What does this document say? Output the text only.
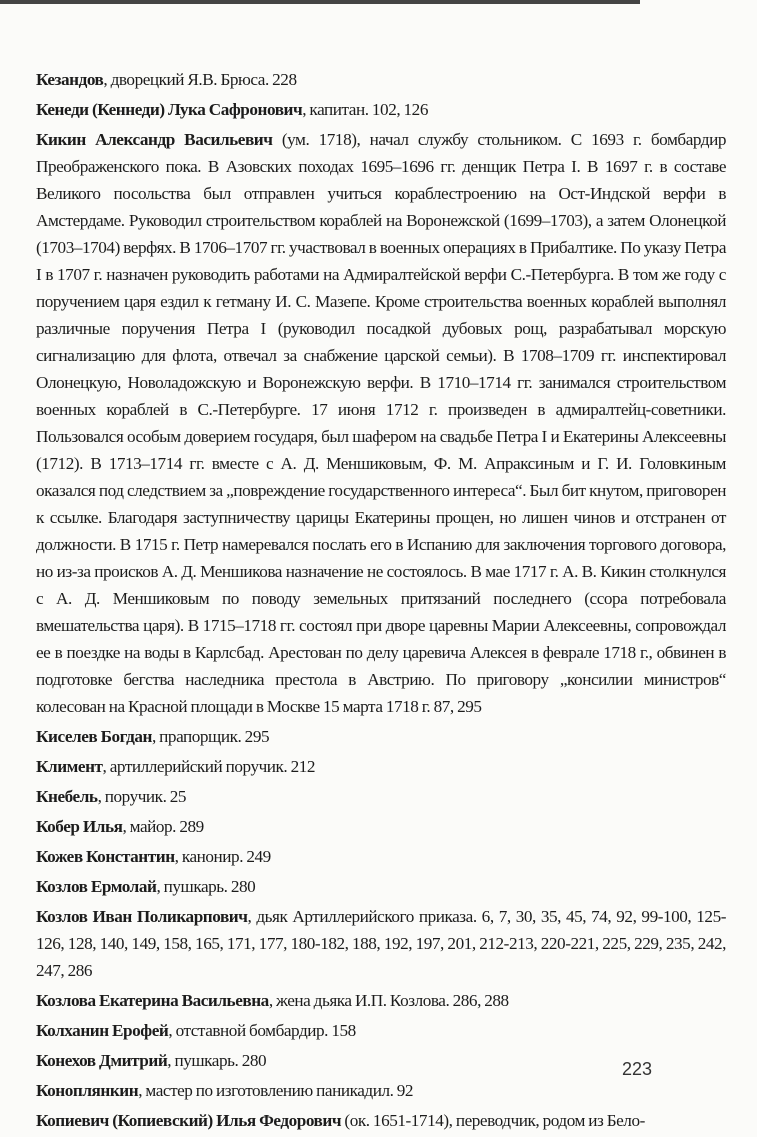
Кезандов, дворецкий Я.В. Брюса. 228

Кенеди (Кеннеди) Лука Сафронович, капитан. 102, 126

Кикин Александр Васильевич (ум. 1718), начал службу стольником. С 1693 г. бомбардир Преображенского пока. В Азовских походах 1695–1696 гг. денщик Петра I. В 1697 г. в составе Великого посольства был отправлен учиться кораблестроению на Ост-Индской верфи в Амстердаме. Руководил строительством кораблей на Воронежской (1699–1703), а затем Олонецкой (1703–1704) верфях. В 1706–1707 гг. участвовал в военных операциях в Прибалтике. По указу Петра I в 1707 г. назначен руководить работами на Адмиралтейской верфи С.-Петербурга. В том же году с поручением царя ездил к гетману И. С. Мазепе. Кроме строительства военных кораблей выполнял различные поручения Петра I (руководил посадкой дубовых рощ, разрабатывал морскую сигнализацию для флота, отвечал за снабжение царской семьи). В 1708–1709 гг. инспектировал Олонецкую, Новоладожскую и Воронежскую верфи. В 1710–1714 гг. занимался строительством военных кораблей в С.-Петербурге. 17 июня 1712 г. произведен в адмиралтейц-советники. Пользовался особым доверием государя, был шафером на свадьбе Петра I и Екатерины Алексеевны (1712). В 1713–1714 гг. вместе с А. Д. Меншиковым, Ф. М. Апраксиным и Г. И. Головкиным оказался под следствием за „повреждение государственного интереса“. Был бит кнутом, приговорен к ссылке. Благодаря заступничеству царицы Екатерины прощен, но лишен чинов и отстранен от должности. В 1715 г. Петр намеревался послать его в Испанию для заключения торгового договора, но из-за происков А. Д. Меншикова назначение не состоялось. В мае 1717 г. А. В. Кикин столкнулся с А. Д. Меншиковым по поводу земельных притязаний последнего (ссора потребовала вмешательства царя). В 1715–1718 гг. состоял при дворе царевны Марии Алексеевны, сопровождал ее в поездке на воды в Карлсбад. Арестован по делу царевича Алексея в феврале 1718 г., обвинен в подготовке бегства наследника престола в Австрию. По приговору „консилии министров“ колесован на Красной площади в Москве 15 марта 1718 г. 87, 295

Киселев Богдан, прапорщик. 295

Климент, артиллерийский поручик. 212

Кнебель, поручик. 25

Кобер Илья, майор. 289

Кожев Константин, канонир. 249

Козлов Ермолай, пушкарь. 280

Козлов Иван Поликарпович, дьяк Артиллерийского приказа. 6, 7, 30, 35, 45, 74, 92, 99-100, 125-126, 128, 140, 149, 158, 165, 171, 177, 180-182, 188, 192, 197, 201, 212-213, 220-221, 225, 229, 235, 242, 247, 286

Козлова Екатерина Васильевна, жена дьяка И.П. Козлова. 286, 288

Колханин Ерофей, отставной бомбардир. 158

Конехов Дмитрий, пушкарь. 280

Коноплянкин, мастер по изготовлению паникадил. 92

Копиевич (Копиевский) Илья Федорович (ок. 1651-1714), переводчик, родом из Бело-

223
